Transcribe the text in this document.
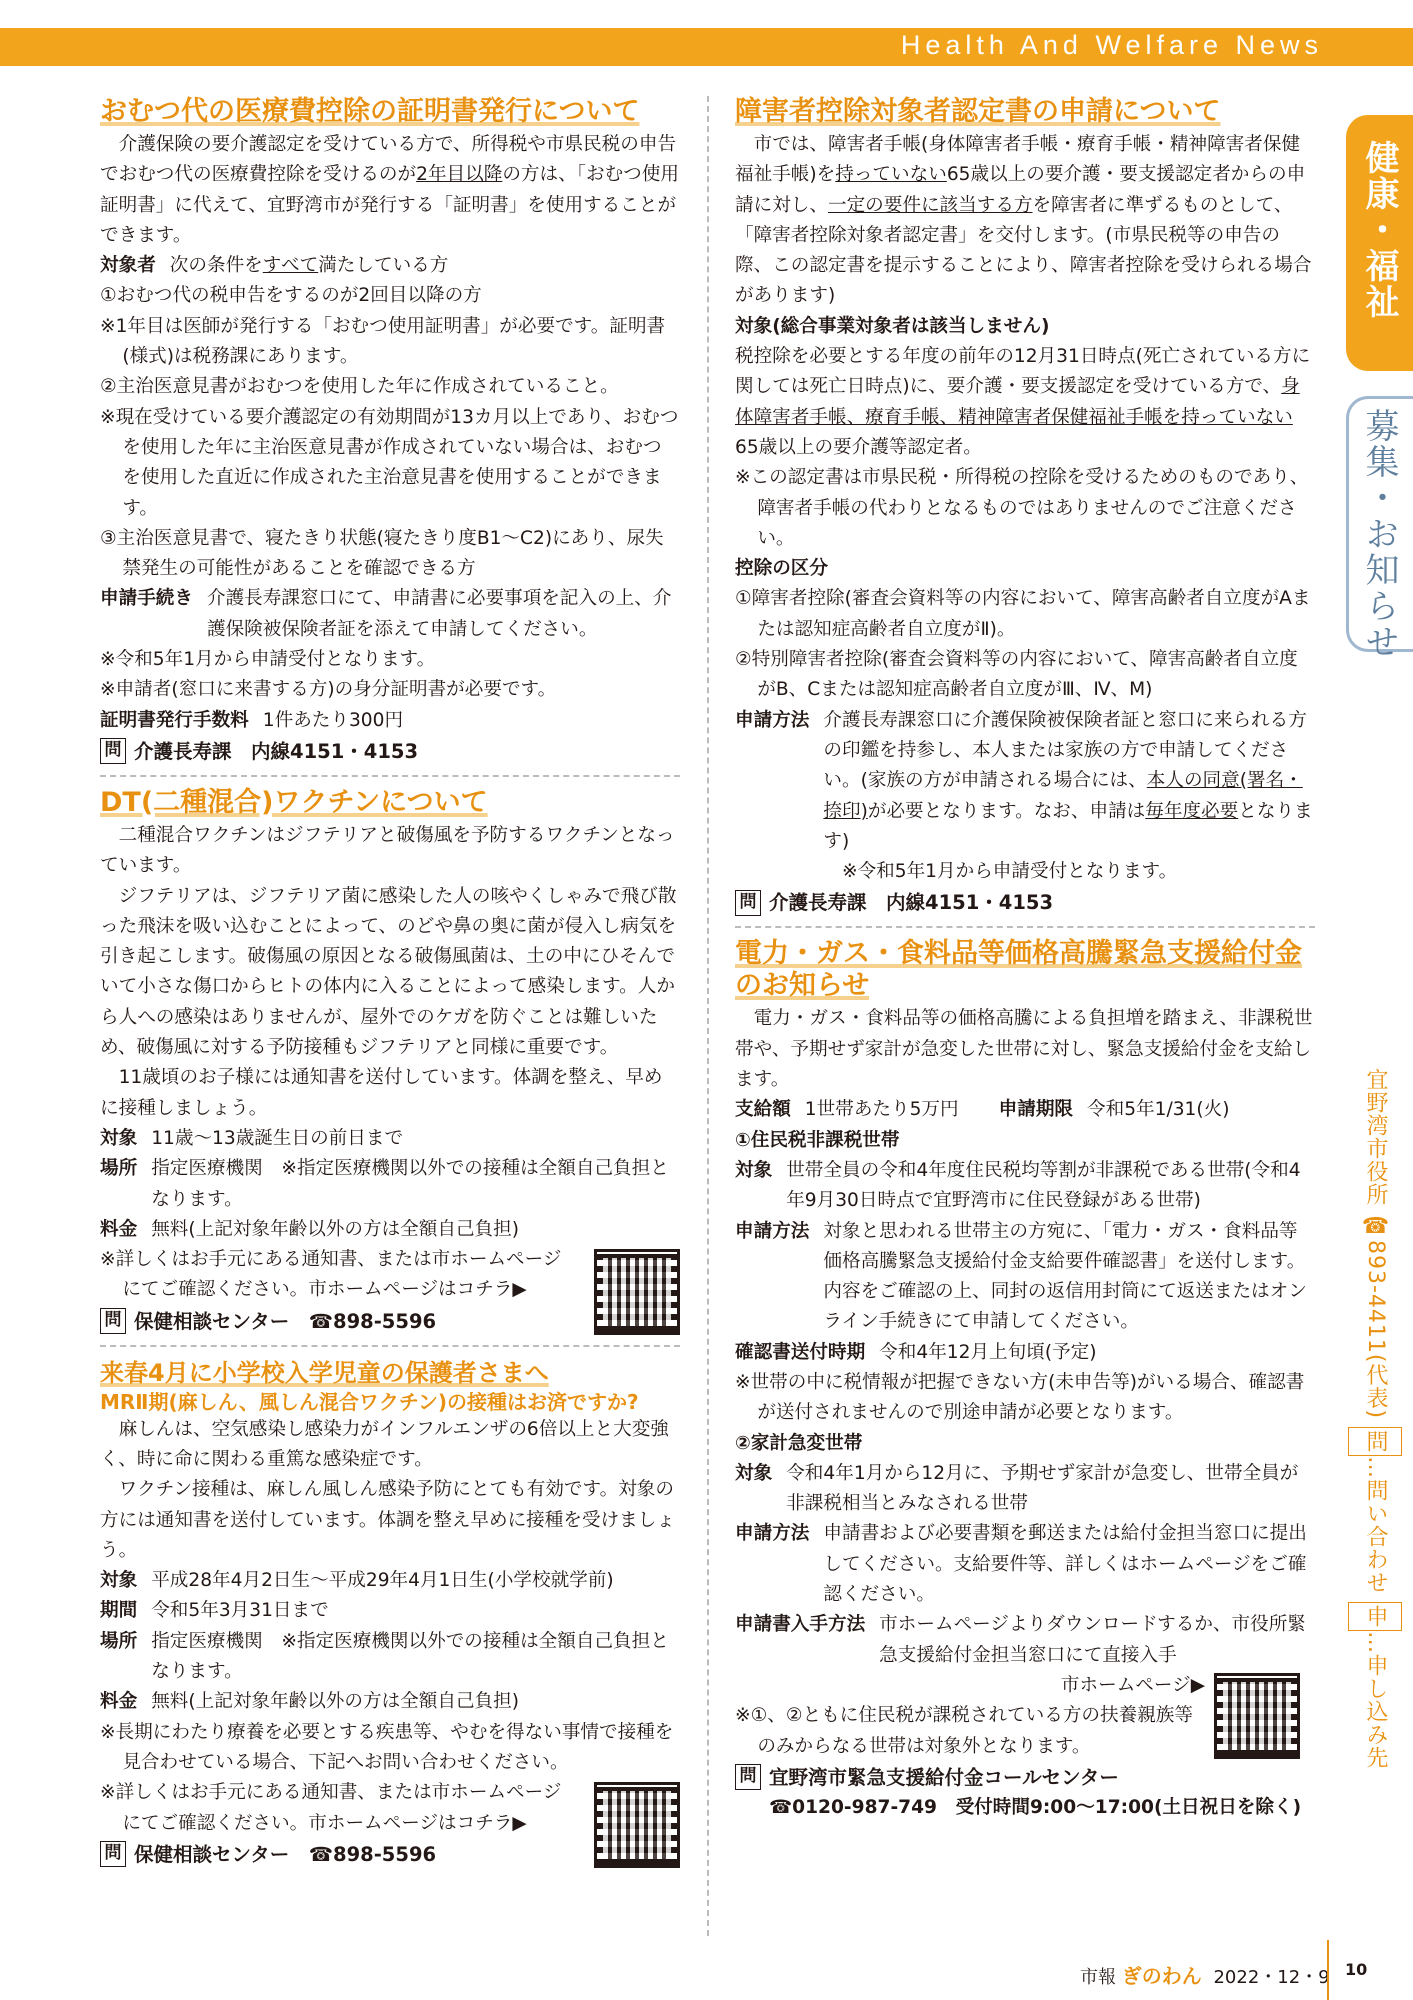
Health And Welfare News
おむつ代の医療費控除の証明書発行について

介護保険の要介護認定を受けている方で、所得税や市県民税の申告でおむつ代の医療費控除を受けるのが2年目以降の方は、「おむつ使用証明書」に代えて、宜野湾市が発行する「証明書」を使用することができます。

対象者 次の条件をすべて満たしている方

①おむつ代の税申告をするのが2回目以降の方

※1年目は医師が発行する「おむつ使用証明書」が必要です。証明書(様式)は税務課にあります。

②主治医意見書がおむつを使用した年に作成されていること。

※現在受けている要介護認定の有効期間が13カ月以上であり、おむつを使用した年に主治医意見書が作成されていない場合は、おむつを使用した直近に作成された主治意見書を使用することができます。

③主治医意見書で、寝たきり状態(寝たきり度B1〜C2)にあり、尿失禁発生の可能性があることを確認できる方

申請手続き 介護長寿課窓口にて、申請書に必要事項を記入の上、介護保険被保険者証を添えて申請してください。

※令和5年1月から申請受付となります。

※申請者(窓口に来書する方)の身分証明書が必要です。

証明書発行手数料 1件あたり300円
問 介護長寿課　内線4151・4153
DT(二種混合)ワクチンについて

二種混合ワクチンはジフテリアと破傷風を予防するワクチンとなっています。

ジフテリアは、ジフテリア菌に感染した人の咳やくしゃみで飛び散った飛沫を吸い込むことによって、のどや鼻の奥に菌が侵入し病気を引き起こします。破傷風の原因となる破傷風菌は、土の中にひそんでいて小さな傷口からヒトの体内に入ることによって感染します。人から人への感染はありませんが、屋外でのケガを防ぐことは難しいため、破傷風に対する予防接種もジフテリアと同様に重要です。

11歳頃のお子様には通知書を送付しています。体調を整え、早めに接種しましょう。

対象 11歳〜13歳誕生日の前日まで
場所 指定医療機関　※指定医療機関以外での接種は全額自己負担となります。
料金 無料(上記対象年齢以外の方は全額自己負担)

※詳しくはお手元にある通知書、または市ホームページにてご確認ください。市ホームページはコチラ▶

問 保健相談センター　☎898-5596
来春4月に小学校入学児童の保護者さまへ
MRⅡ期(麻しん、風しん混合ワクチン)の接種はお済ですか?

麻しんは、空気感染し感染力がインフルエンザの6倍以上と大変強く、時に命に関わる重篤な感染症です。

ワクチン接種は、麻しん風しん感染予防にとても有効です。対象の方には通知書を送付しています。体調を整え早めに接種を受けましょう。

対象 平成28年4月2日生〜平成29年4月1日生(小学校就学前)
期間 令和5年3月31日まで
場所 指定医療機関　※指定医療機関以外での接種は全額自己負担となります。
料金 無料(上記対象年齢以外の方は全額自己負担)

※長期にわたり療養を必要とする疾患等、やむを得ない事情で接種を見合わせている場合、下記へお問い合わせください。

※詳しくはお手元にある通知書、または市ホームページにてご確認ください。市ホームページはコチラ▶

問 保健相談センター　☎898-5596
障害者控除対象者認定書の申請について

市では、障害者手帳(身体障害者手帳・療育手帳・精神障害者保健福祉手帳)を持っていない65歳以上の要介護・要支援認定者からの申請に対し、一定の要件に該当する方を障害者に準ずるものとして、「障害者控除対象者認定書」を交付します。(市県民税等の申告の際、この認定書を提示することにより、障害者控除を受けられる場合があります)

対象(総合事業対象者は該当しません)

税控除を必要とする年度の前年の12月31日時点(死亡されている方に関しては死亡日時点)に、要介護・要支援認定を受けている方で、身体障害者手帳、療育手帳、精神障害者保健福祉手帳を持っていない65歳以上の要介護等認定者。

※この認定書は市県民税・所得税の控除を受けるためのものであり、障害者手帳の代わりとなるものではありませんのでご注意ください。

控除の区分

①障害者控除(審査会資料等の内容において、障害高齢者自立度がAまたは認知症高齢者自立度がⅡ)。

②特別障害者控除(審査会資料等の内容において、障害高齢者自立度がB、Cまたは認知症高齢者自立度がⅢ、Ⅳ、M)

申請方法 介護長寿課窓口に介護保険被保険者証と窓口に来られる方の印鑑を持参し、本人または家族の方で申請してください。(家族の方が申請される場合には、本人の同意(署名・捺印)が必要となります。なお、申請は毎年度必要となります)
※令和5年1月から申請受付となります。
問 介護長寿課　内線4151・4153
電力・ガス・食料品等価格高騰緊急支援給付金のお知らせ

電力・ガス・食料品等の価格高騰による負担増を踏まえ、非課税世帯や、予期せず家計が急変した世帯に対し、緊急支援給付金を支給します。

支給額 1世帯あたり5万円 申請期限 令和5年1/31(火)

①住民税非課税世帯

対象 世帯全員の令和4年度住民税均等割が非課税である世帯(令和4年9月30日時点で宜野湾市に住民登録がある世帯)
申請方法 対象と思われる世帯主の方宛に、「電力・ガス・食料品等価格高騰緊急支援給付金支給要件確認書」を送付します。内容をご確認の上、同封の返信用封筒にて返送またはオンライン手続きにて申請してください。
確認書送付時期 令和4年12月上旬頃(予定)

※世帯の中に税情報が把握できない方(未申告等)がいる場合、確認書が送付されませんので別途申請が必要となります。

②家計急変世帯

対象 令和4年1月から12月に、予期せず家計が急変し、世帯全員が非課税相当とみなされる世帯
申請方法 申請書および必要書類を郵送または給付金担当窓口に提出してください。支給要件等、詳しくはホームページをご確認ください。
申請書入手方法 市ホームページよりダウンロードするか、市役所緊急支援給付金担当窓口にて直接入手

市ホームページ▶

※①、②ともに住民税が課税されている方の扶養親族等のみからなる世帯は対象外となります。

問 宜野湾市緊急支援給付金コールセンター

☎0120-987-749　受付時間9:00〜17:00(土日祝日を除く)

健康・福祉
募集・お知らせ
宜野湾市役所 ☎893-4411(代表) 問…問い合わせ 申…申し込み先
市報 ぎのわん 2022・12・9 10
